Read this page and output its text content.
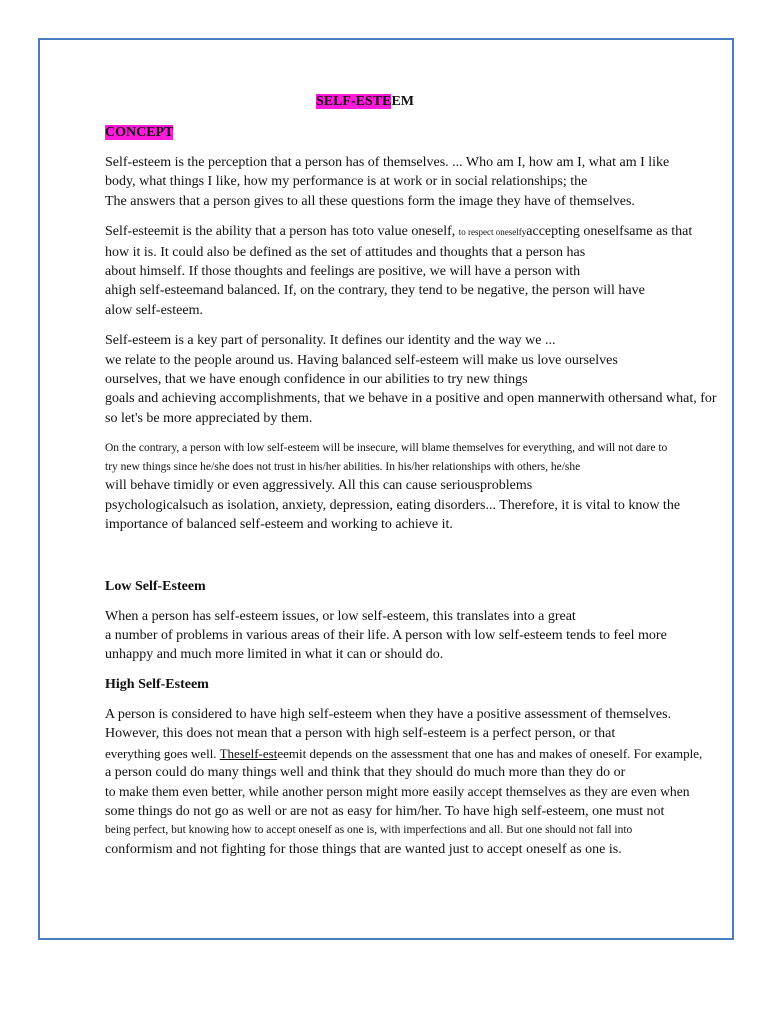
SELF-ESTEEM
CONCEPT
Self-esteem is the perception that a person has of themselves. ... Who am I, how am I, what am I like
body, what things I like, how my performance is at work or in social relationships; the
The answers that a person gives to all these questions form the image they have of themselves.
Self-esteemit is the ability that a person has toto value oneself, to respect oneselfyaccepting oneselfsame as that
how it is. It could also be defined as the set of attitudes and thoughts that a person has
about himself. If those thoughts and feelings are positive, we will have a person with
ahigh self-esteemand balanced. If, on the contrary, they tend to be negative, the person will have
alow self-esteem.
Self-esteem is a key part of personality. It defines our identity and the way we ...
we relate to the people around us. Having balanced self-esteem will make us love ourselves
ourselves, that we have enough confidence in our abilities to try new things
goals and achieving accomplishments, that we behave in a positive and open mannerwith othersand what, for
so let's be more appreciated by them.
On the contrary, a person with low self-esteem will be insecure, will blame themselves for everything, and will not dare to
try new things since he/she does not trust in his/her abilities. In his/her relationships with others, he/she
will behave timidly or even aggressively. All this can cause seriousproblems
psychologicalsuch as isolation, anxiety, depression, eating disorders... Therefore, it is vital to know the
importance of balanced self-esteem and working to achieve it.
Low Self-Esteem
When a person has self-esteem issues, or low self-esteem, this translates into a great
a number of problems in various areas of their life. A person with low self-esteem tends to feel more
unhappy and much more limited in what it can or should do.
High Self-Esteem
A person is considered to have high self-esteem when they have a positive assessment of themselves.
However, this does not mean that a person with high self-esteem is a perfect person, or that
everything goes well. Theself-esteemit depends on the assessment that one has and makes of oneself. For example,
a person could do many things well and think that they should do much more than they do or
to make them even better, while another person might more easily accept themselves as they are even when
some things do not go as well or are not as easy for him/her. To have high self-esteem, one must not
being perfect, but knowing how to accept oneself as one is, with imperfections and all. But one should not fall into
conformism and not fighting for those things that are wanted just to accept oneself as one is.
